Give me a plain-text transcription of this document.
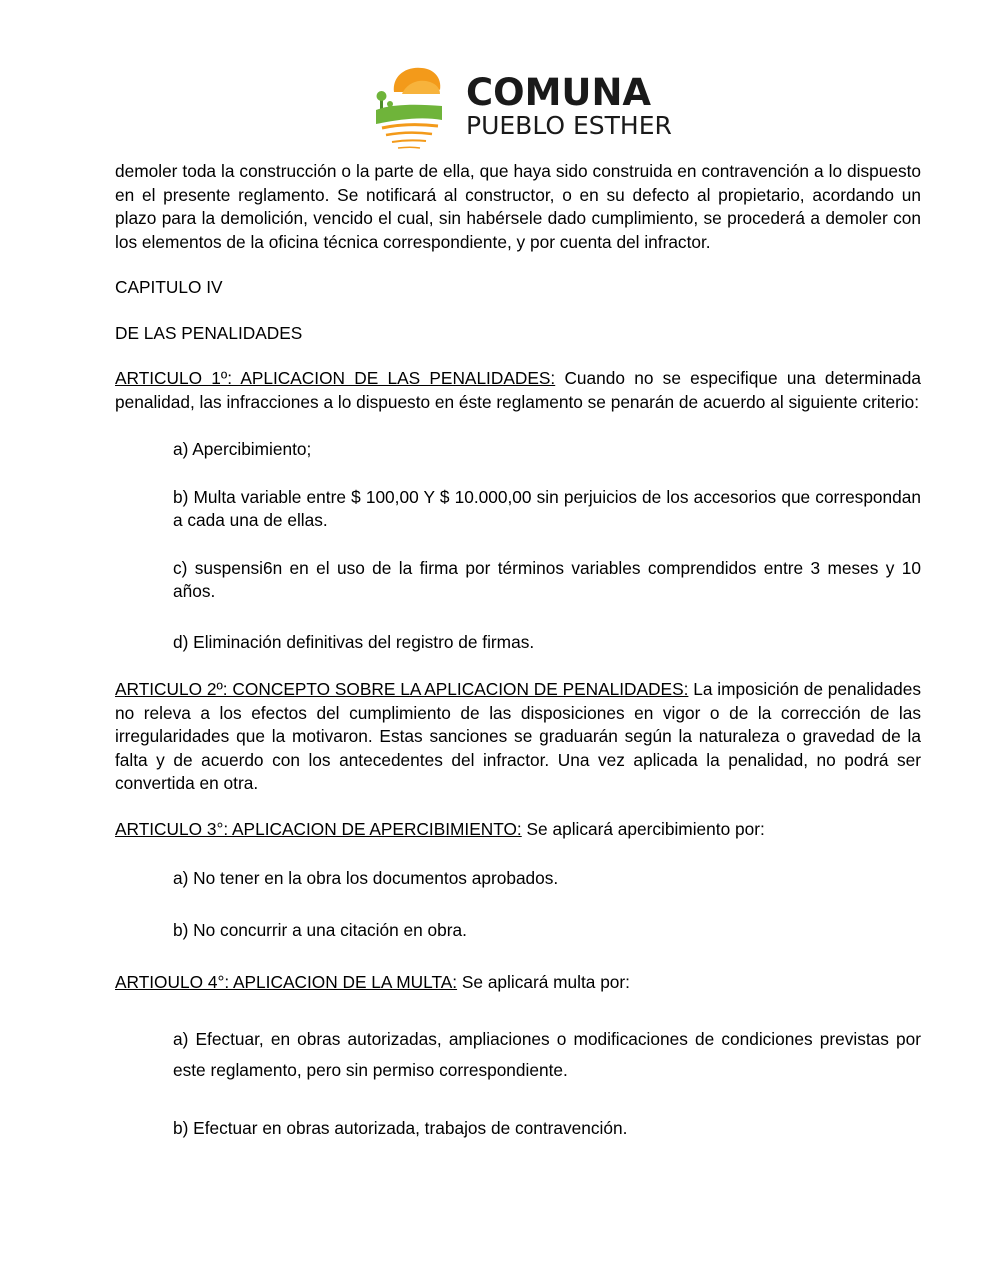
COMUNA
PUEBLO ESTHER

demoler toda la construcción o la parte de ella, que haya sido construida en contravención a lo dispuesto en el presente reglamento. Se notificará al constructor, o en su defecto al propietario, acordando un plazo para la demolición, vencido el cual, sin habérsele dado cumplimiento, se procederá a demoler con los elementos de la oficina técnica correspondiente, y por cuenta del infractor.

CAPITULO IV

DE LAS PENALIDADES

ARTICULO 1º: APLICACION DE LAS PENALIDADES: Cuando no se especifique una determinada penalidad, las infracciones a lo dispuesto en éste reglamento se penarán de acuerdo al siguiente criterio:

a) Apercibimiento;

b) Multa variable entre $ 100,00 Y $ 10.000,00 sin perjuicios de los accesorios que correspondan a cada una de ellas.

c) suspensi6n en el uso de la firma por términos variables comprendidos entre 3 meses y 10 años.

d) Eliminación definitivas del registro de firmas.

ARTICULO 2º: CONCEPTO SOBRE LA APLICACION DE PENALIDADES: La imposición de penalidades no releva a los efectos del cumplimiento de las disposiciones en vigor o de la corrección de las irregularidades que la motivaron. Estas sanciones se graduarán según la naturaleza o gravedad de la falta y de acuerdo con los antecedentes del infractor. Una vez aplicada la penalidad, no podrá ser convertida en otra.

ARTICULO 3°: APLICACION DE APERCIBIMIENTO: Se aplicará apercibimiento por:

a) No tener en la obra los documentos aprobados.

b) No concurrir a una citación en obra.

ARTIOULO 4°: APLICACION DE LA MULTA: Se aplicará multa por:

a) Efectuar, en obras autorizadas, ampliaciones o modificaciones de condiciones previstas por este reglamento, pero sin permiso correspondiente.

b) Efectuar en obras autorizada, trabajos de contravención.
